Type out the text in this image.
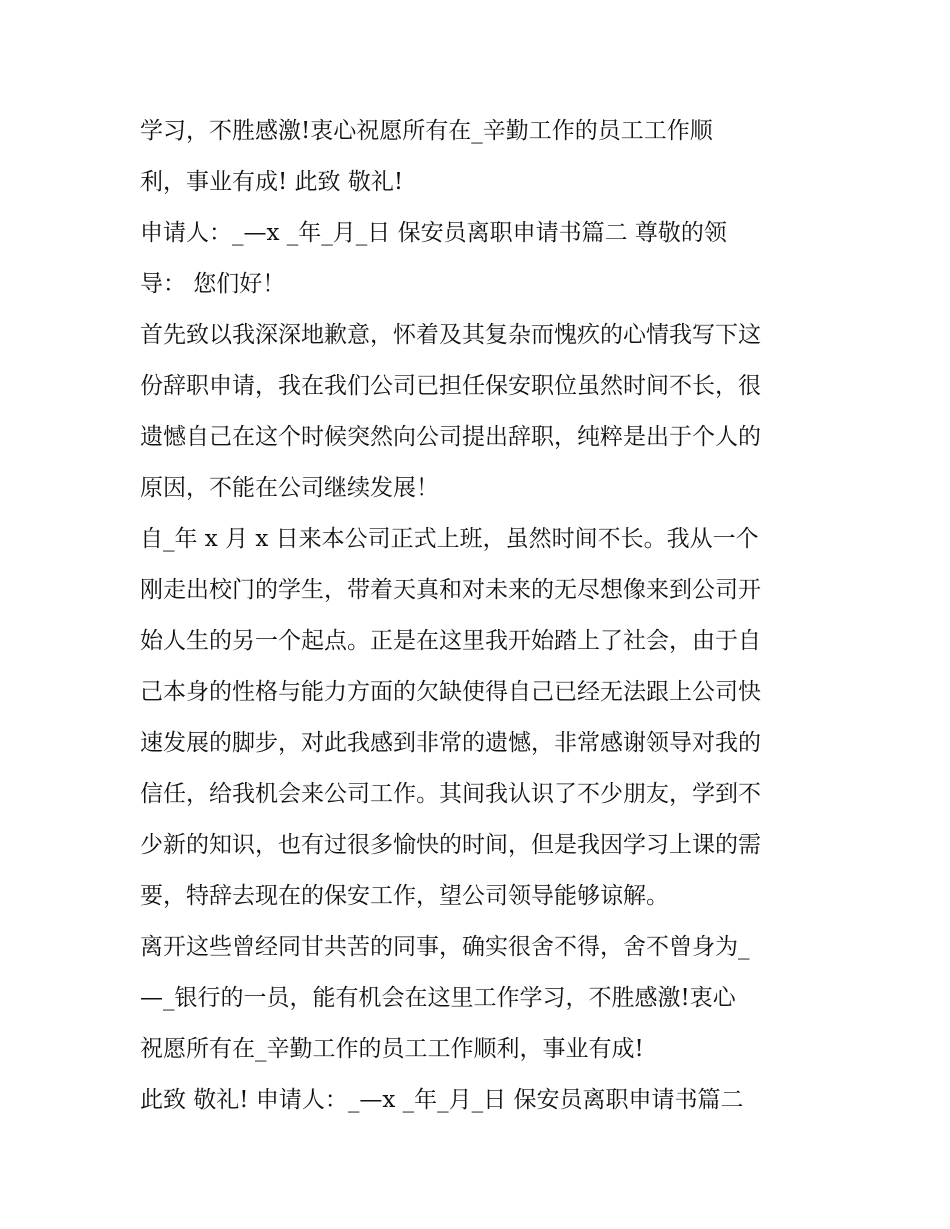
学习，不胜感激!衷心祝愿所有在_辛勤工作的员工工作顺
利，事业有成! 此致 敬礼!
申请人：_—x _年_月_日 保安员离职申请书篇二 尊敬的领
导： 您们好！
首先致以我深深地歉意，怀着及其复杂而愧疚的心情我写下这
份辞职申请，我在我们公司已担任保安职位虽然时间不长，很
遗憾自己在这个时候突然向公司提出辞职，纯粹是出于个人的
原因，不能在公司继续发展！
自_年 x 月 x 日来本公司正式上班，虽然时间不长。我从一个
刚走出校门的学生，带着天真和对未来的无尽想像来到公司开
始人生的另一个起点。正是在这里我开始踏上了社会，由于自
己本身的性格与能力方面的欠缺使得自己已经无法跟上公司快
速发展的脚步，对此我感到非常的遗憾，非常感谢领导对我的
信任，给我机会来公司工作。其间我认识了不少朋友，学到不
少新的知识，也有过很多愉快的时间，但是我因学习上课的需
要，特辞去现在的保安工作，望公司领导能够谅解。
离开这些曾经同甘共苦的同事，确实很舍不得，舍不曾身为_
—_银行的一员，能有机会在这里工作学习，不胜感激!衷心
祝愿所有在_辛勤工作的员工工作顺利，事业有成!
此致 敬礼! 申请人：_—x _年_月_日 保安员离职申请书篇二
